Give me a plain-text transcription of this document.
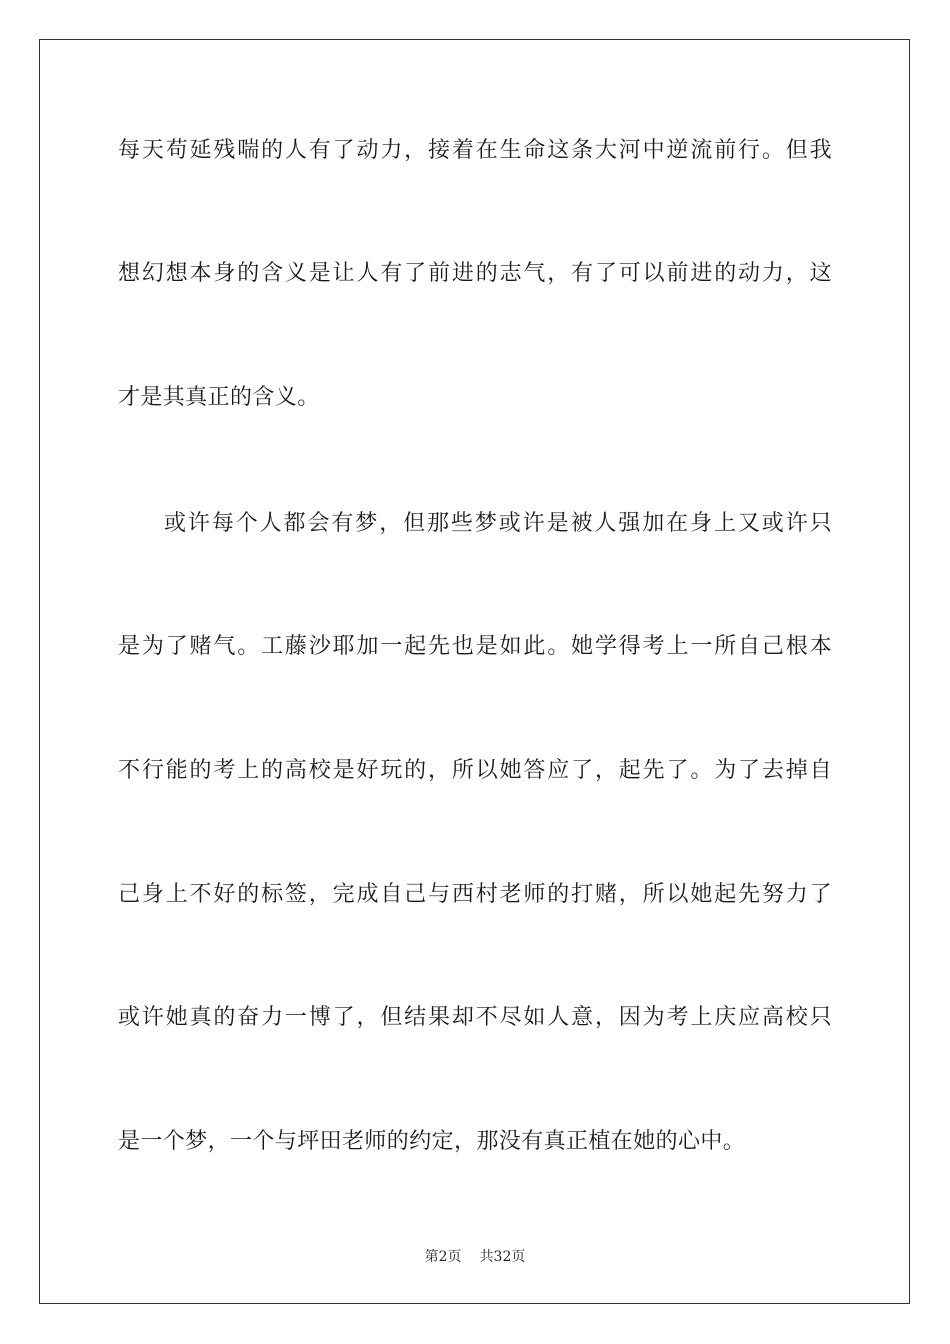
每天苟延残喘的人有了动力，接着在生命这条大河中逆流前行。但我
想幻想本身的含义是让人有了前进的志气，有了可以前进的动力，这
才是其真正的含义。
或许每个人都会有梦，但那些梦或许是被人强加在身上又或许只
是为了赌气。工藤沙耶加一起先也是如此。她学得考上一所自己根本
不行能的考上的高校是好玩的，所以她答应了，起先了。为了去掉自
己身上不好的标签，完成自己与西村老师的打赌，所以她起先努力了
或许她真的奋力一博了，但结果却不尽如人意，因为考上庆应高校只
是一个梦，一个与坪田老师的约定，那没有真正植在她的心中。
第2页 共32页
